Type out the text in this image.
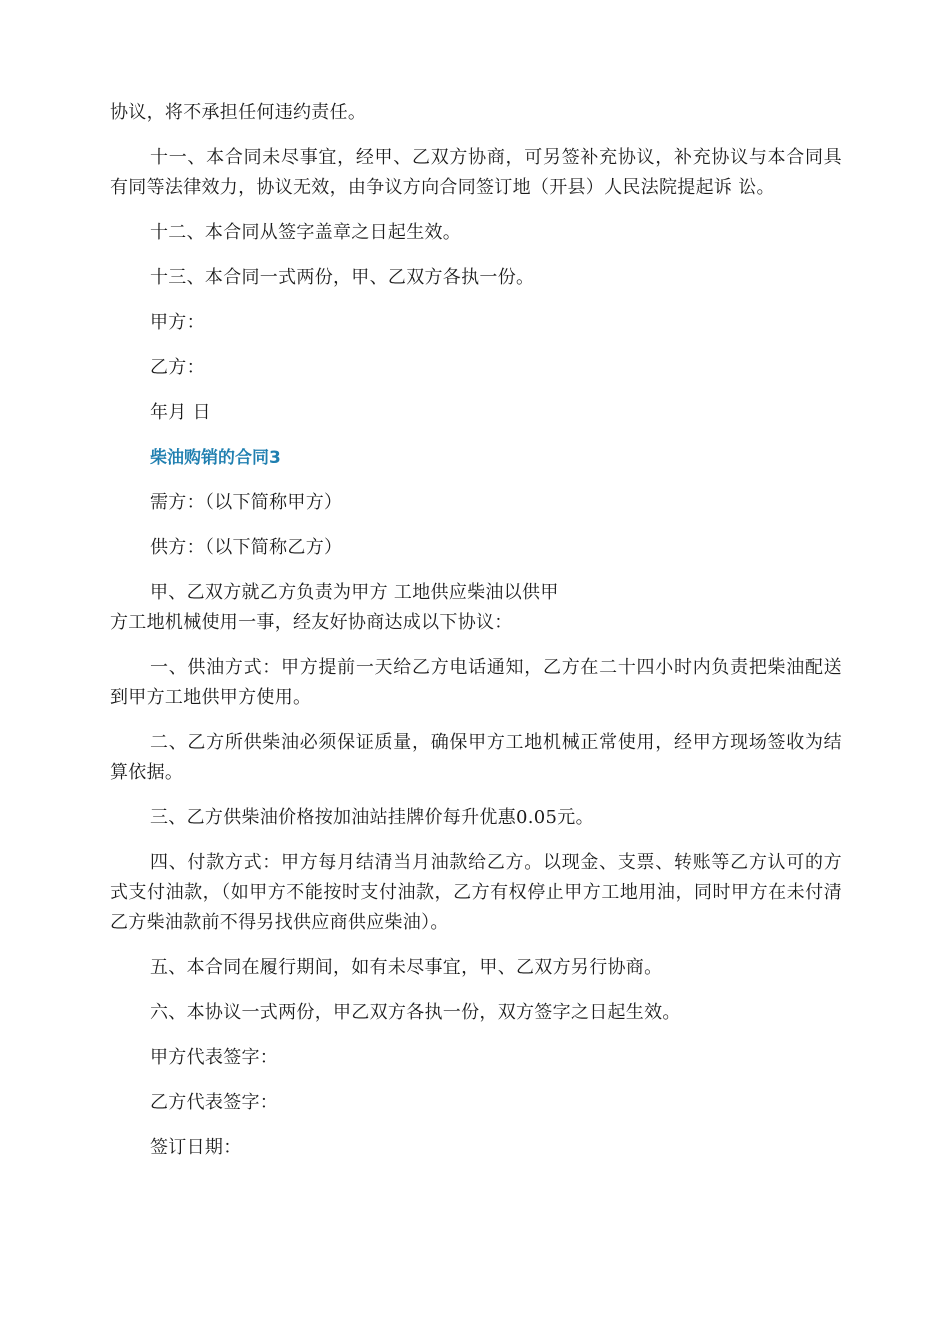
协议，将不承担任何违约责任。

十一、本合同未尽事宜，经甲、乙双方协商，可另签补充协议，补充协议与本合同具有同等法律效力，协议无效，由争议方向合同签订地（开县）人民法院提起诉 讼。

十二、本合同从签字盖章之日起生效。

十三、本合同一式两份，甲、乙双方各执一份。

甲方：

乙方：

年月 日

柴油购销的合同3

需方：（以下简称甲方）

供方：（以下简称乙方）

甲、乙双方就乙方负责为甲方 工地供应柴油以供甲
方工地机械使用一事，经友好协商达成以下协议：

一、供油方式：甲方提前一天给乙方电话通知，乙方在二十四小时内负责把柴油配送到甲方工地供甲方使用。

二、乙方所供柴油必须保证质量，确保甲方工地机械正常使用，经甲方现场签收为结算依据。

三、乙方供柴油价格按加油站挂牌价每升优惠0.05元。

四、付款方式：甲方每月结清当月油款给乙方。以现金、支票、转账等乙方认可的方式支付油款，（如甲方不能按时支付油款，乙方有权停止甲方工地用油，同时甲方在未付清乙方柴油款前不得另找供应商供应柴油）。

五、本合同在履行期间，如有未尽事宜，甲、乙双方另行协商。

六、本协议一式两份，甲乙双方各执一份，双方签字之日起生效。

甲方代表签字：

乙方代表签字：

签订日期：
